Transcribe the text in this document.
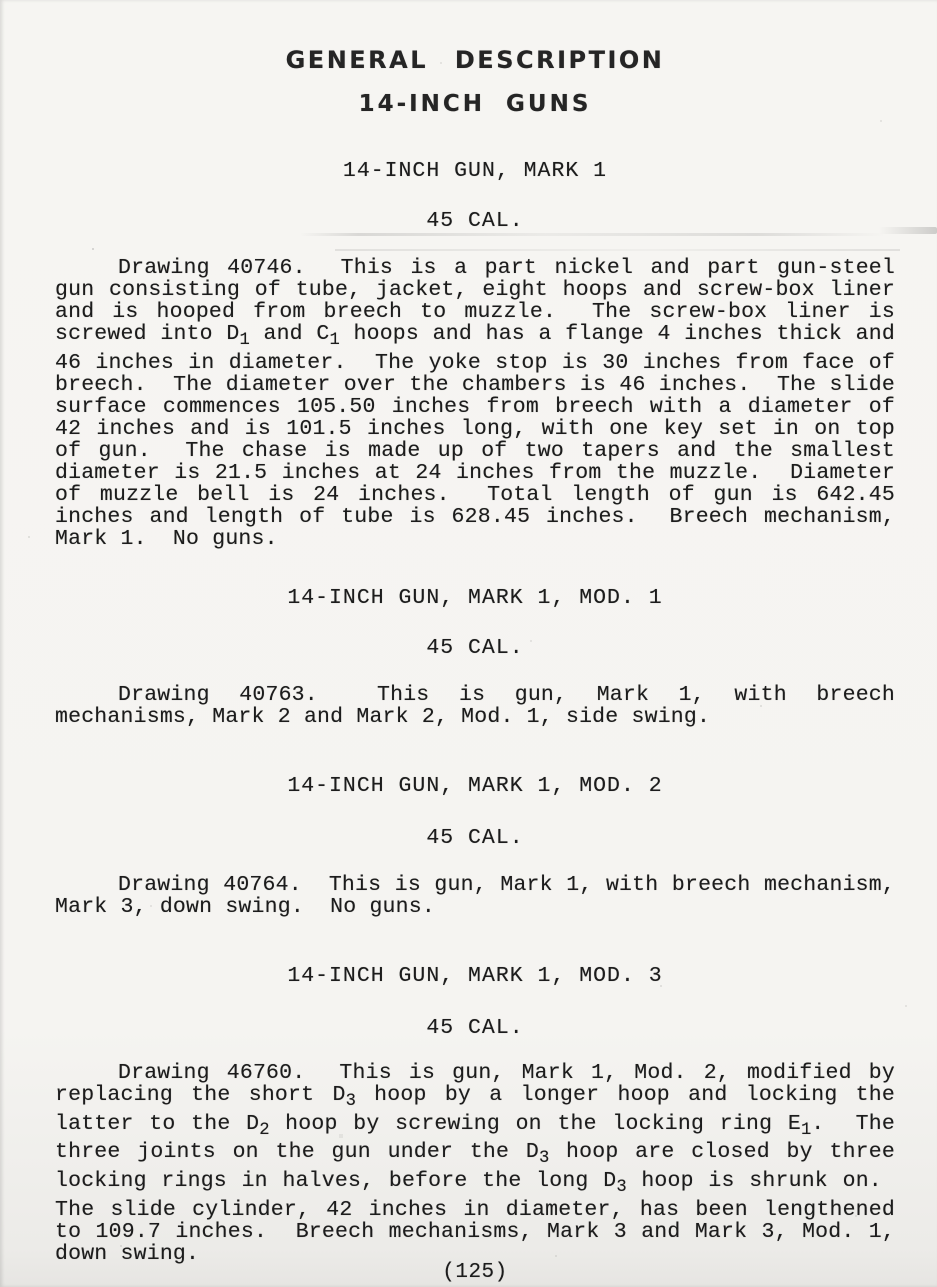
GENERAL DESCRIPTION
14-INCH GUNS
14-INCH GUN, MARK 1
45 CAL.

Drawing 40746.  This is a part nickel and part gun-steel gun consisting of tube, jacket, eight hoops and screw-box liner and is hooped from breech to muzzle.  The screw-box liner is screwed into $D_1$ and $C_1$ hoops and has a flange 4 inches thick and 46 inches in diameter.  The yoke stop is 30 inches from face of breech.  The diameter over the chambers is 46 inches.  The slide surface commences 105.50 inches from breech with a diameter of 42 inches and is 101.5 inches long, with one key set in on top of gun.  The chase is made up of two tapers and the smallest diameter is 21.5 inches at 24 inches from the muzzle.  Diameter of muzzle bell is 24 inches.  Total length of gun is 642.45 inches and length of tube is 628.45 inches.  Breech mechanism, Mark 1.  No guns.

14-INCH GUN, MARK 1, MOD. 1
45 CAL.

Drawing 40763.  This is gun, Mark 1, with breech mechanisms, Mark 2 and Mark 2, Mod. 1, side swing.

14-INCH GUN, MARK 1, MOD. 2
45 CAL.

Drawing 40764.  This is gun, Mark 1, with breech mechanism, Mark 3, down swing.  No guns.

14-INCH GUN, MARK 1, MOD. 3
45 CAL.

Drawing 46760.  This is gun, Mark 1, Mod. 2, modified by replacing the short $D_3$ hoop by a longer hoop and locking the latter to the $D_2$ hoop by screwing on the locking ring $E_1$.  The three joints on the gun under the $D_3$ hoop are closed by three locking rings in halves, before the long $D_3$ hoop is shrunk on.  The slide cylinder, 42 inches in diameter, has been lengthened to 109.7 inches.  Breech mechanisms, Mark 3 and Mark 3, Mod. 1, down swing.

(125)
